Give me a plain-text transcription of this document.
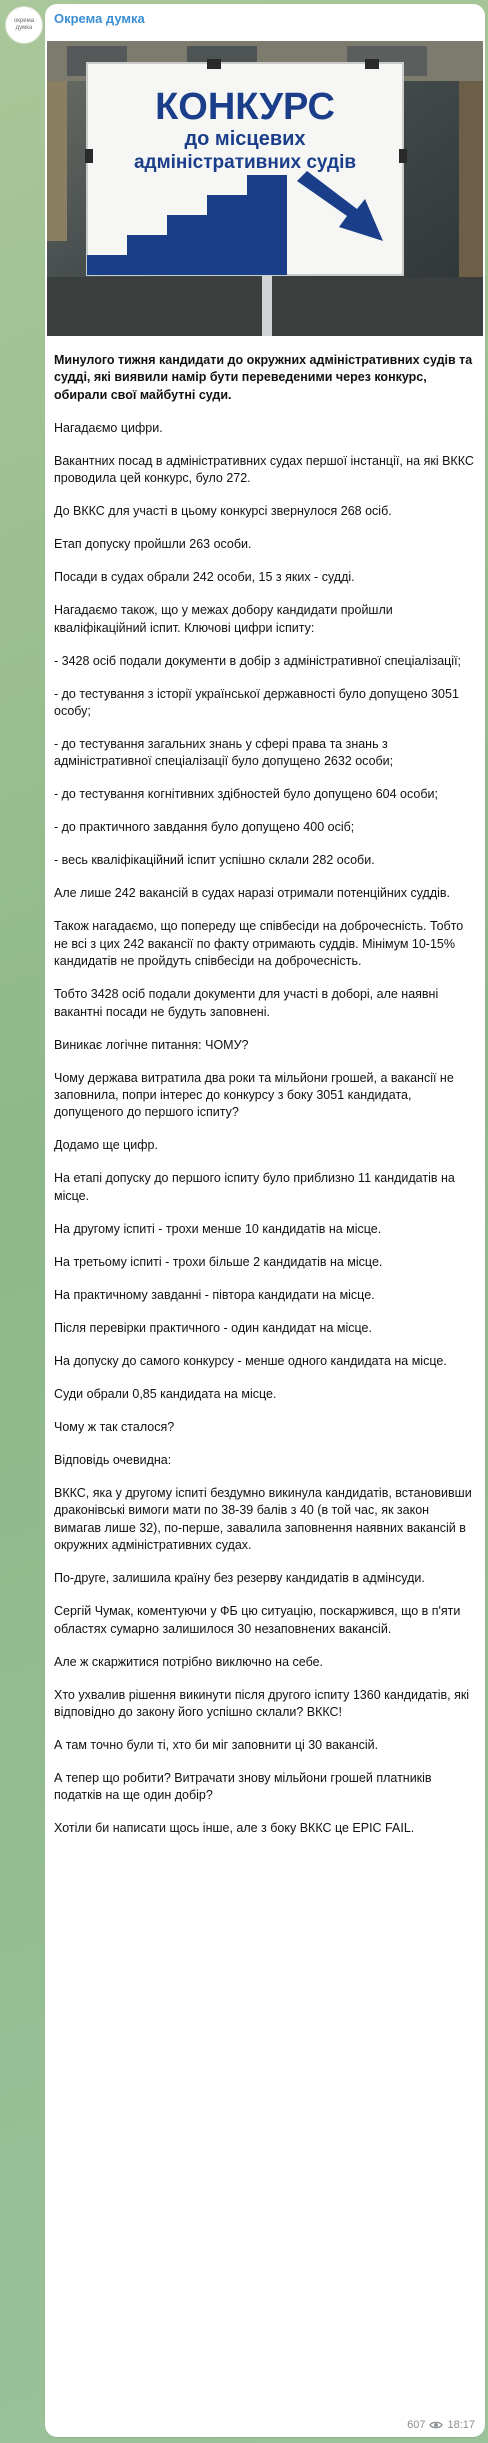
окрема думка
Окрема думка
КОНКУРС
до місцевих
адміністративних судів

Минулого тижня кандидати до окружних адміністративних судів та судді, які виявили намір бути переведеними через конкурс, обирали свої майбутні суди.

Нагадаємо цифри.

Вакантних посад в адміністративних судах першої інстанції, на які ВККС проводила цей конкурс, було 272.

До ВККС для участі в цьому конкурсі звернулося 268 осіб.

Етап допуску пройшли 263 особи.

Посади в судах обрали 242 особи, 15 з яких - судді.

Нагадаємо також, що у межах добору кандидати пройшли кваліфікаційний іспит. Ключові цифри іспиту:

- 3428 осіб подали документи в добір з адміністративної спеціалізації;

- до тестування з історії української державності було допущено 3051 особу;

- до тестування загальних знань у сфері права та знань з адміністративної спеціалізації було допущено 2632 особи;

- до тестування когнітивних здібностей було допущено 604 особи;

- до практичного завдання було допущено 400 осіб;

- весь кваліфікаційний іспит успішно склали 282 особи.

Але лише 242 вакансій в судах наразі отримали потенційних суддів.

Також нагадаємо, що попереду ще співбесіди на доброчесність. Тобто не всі з цих 242 вакансії по факту отримають суддів. Мінімум 10-15% кандидатів не пройдуть співбесіди на доброчесність.

Тобто 3428 осіб подали документи для участі в доборі, але наявні вакантні посади не будуть заповнені.

Виникає логічне питання: ЧОМУ?

Чому держава витратила два роки та мільйони грошей, а вакансії не заповнила, попри інтерес до конкурсу з боку 3051 кандидата, допущеного до першого іспиту?

Додамо ще цифр.

На етапі допуску до першого іспиту було приблизно 11 кандидатів на місце.

На другому іспиті - трохи менше 10 кандидатів на місце.

На третьому іспиті - трохи більше 2 кандидатів на місце.

На практичному завданні - півтора кандидати на місце.

Після перевірки практичного - один кандидат на місце.

На допуску до самого конкурсу - менше одного кандидата на місце.

Суди обрали 0,85 кандидата на місце.

Чому ж так сталося?

Відповідь очевидна:

ВККС, яка у другому іспиті бездумно викинула кандидатів, встановивши драконівські вимоги мати по 38-39 балів з 40 (в той час, як закон вимагав лише 32), по-перше, завалила заповнення наявних вакансій в окружних адміністративних судах.

По-друге, залишила країну без резерву кандидатів в адмінсуди.

Сергій Чумак, коментуючи у ФБ цю ситуацію, поскаржився, що в п'яти областях сумарно залишилося 30 незаповнених вакансій.

Але ж скаржитися потрібно виключно на себе.

Хто ухвалив рішення викинути після другого іспиту 1360 кандидатів, які відповідно до закону його успішно склали? ВККС!

А там точно були ті, хто би міг заповнити ці 30 вакансій.

А тепер що робити? Витрачати знову мільйони грошей платників податків на ще один добір?

Хотіли би написати щось інше, але з боку ВККС це EPIC FAIL.

607 18:17
